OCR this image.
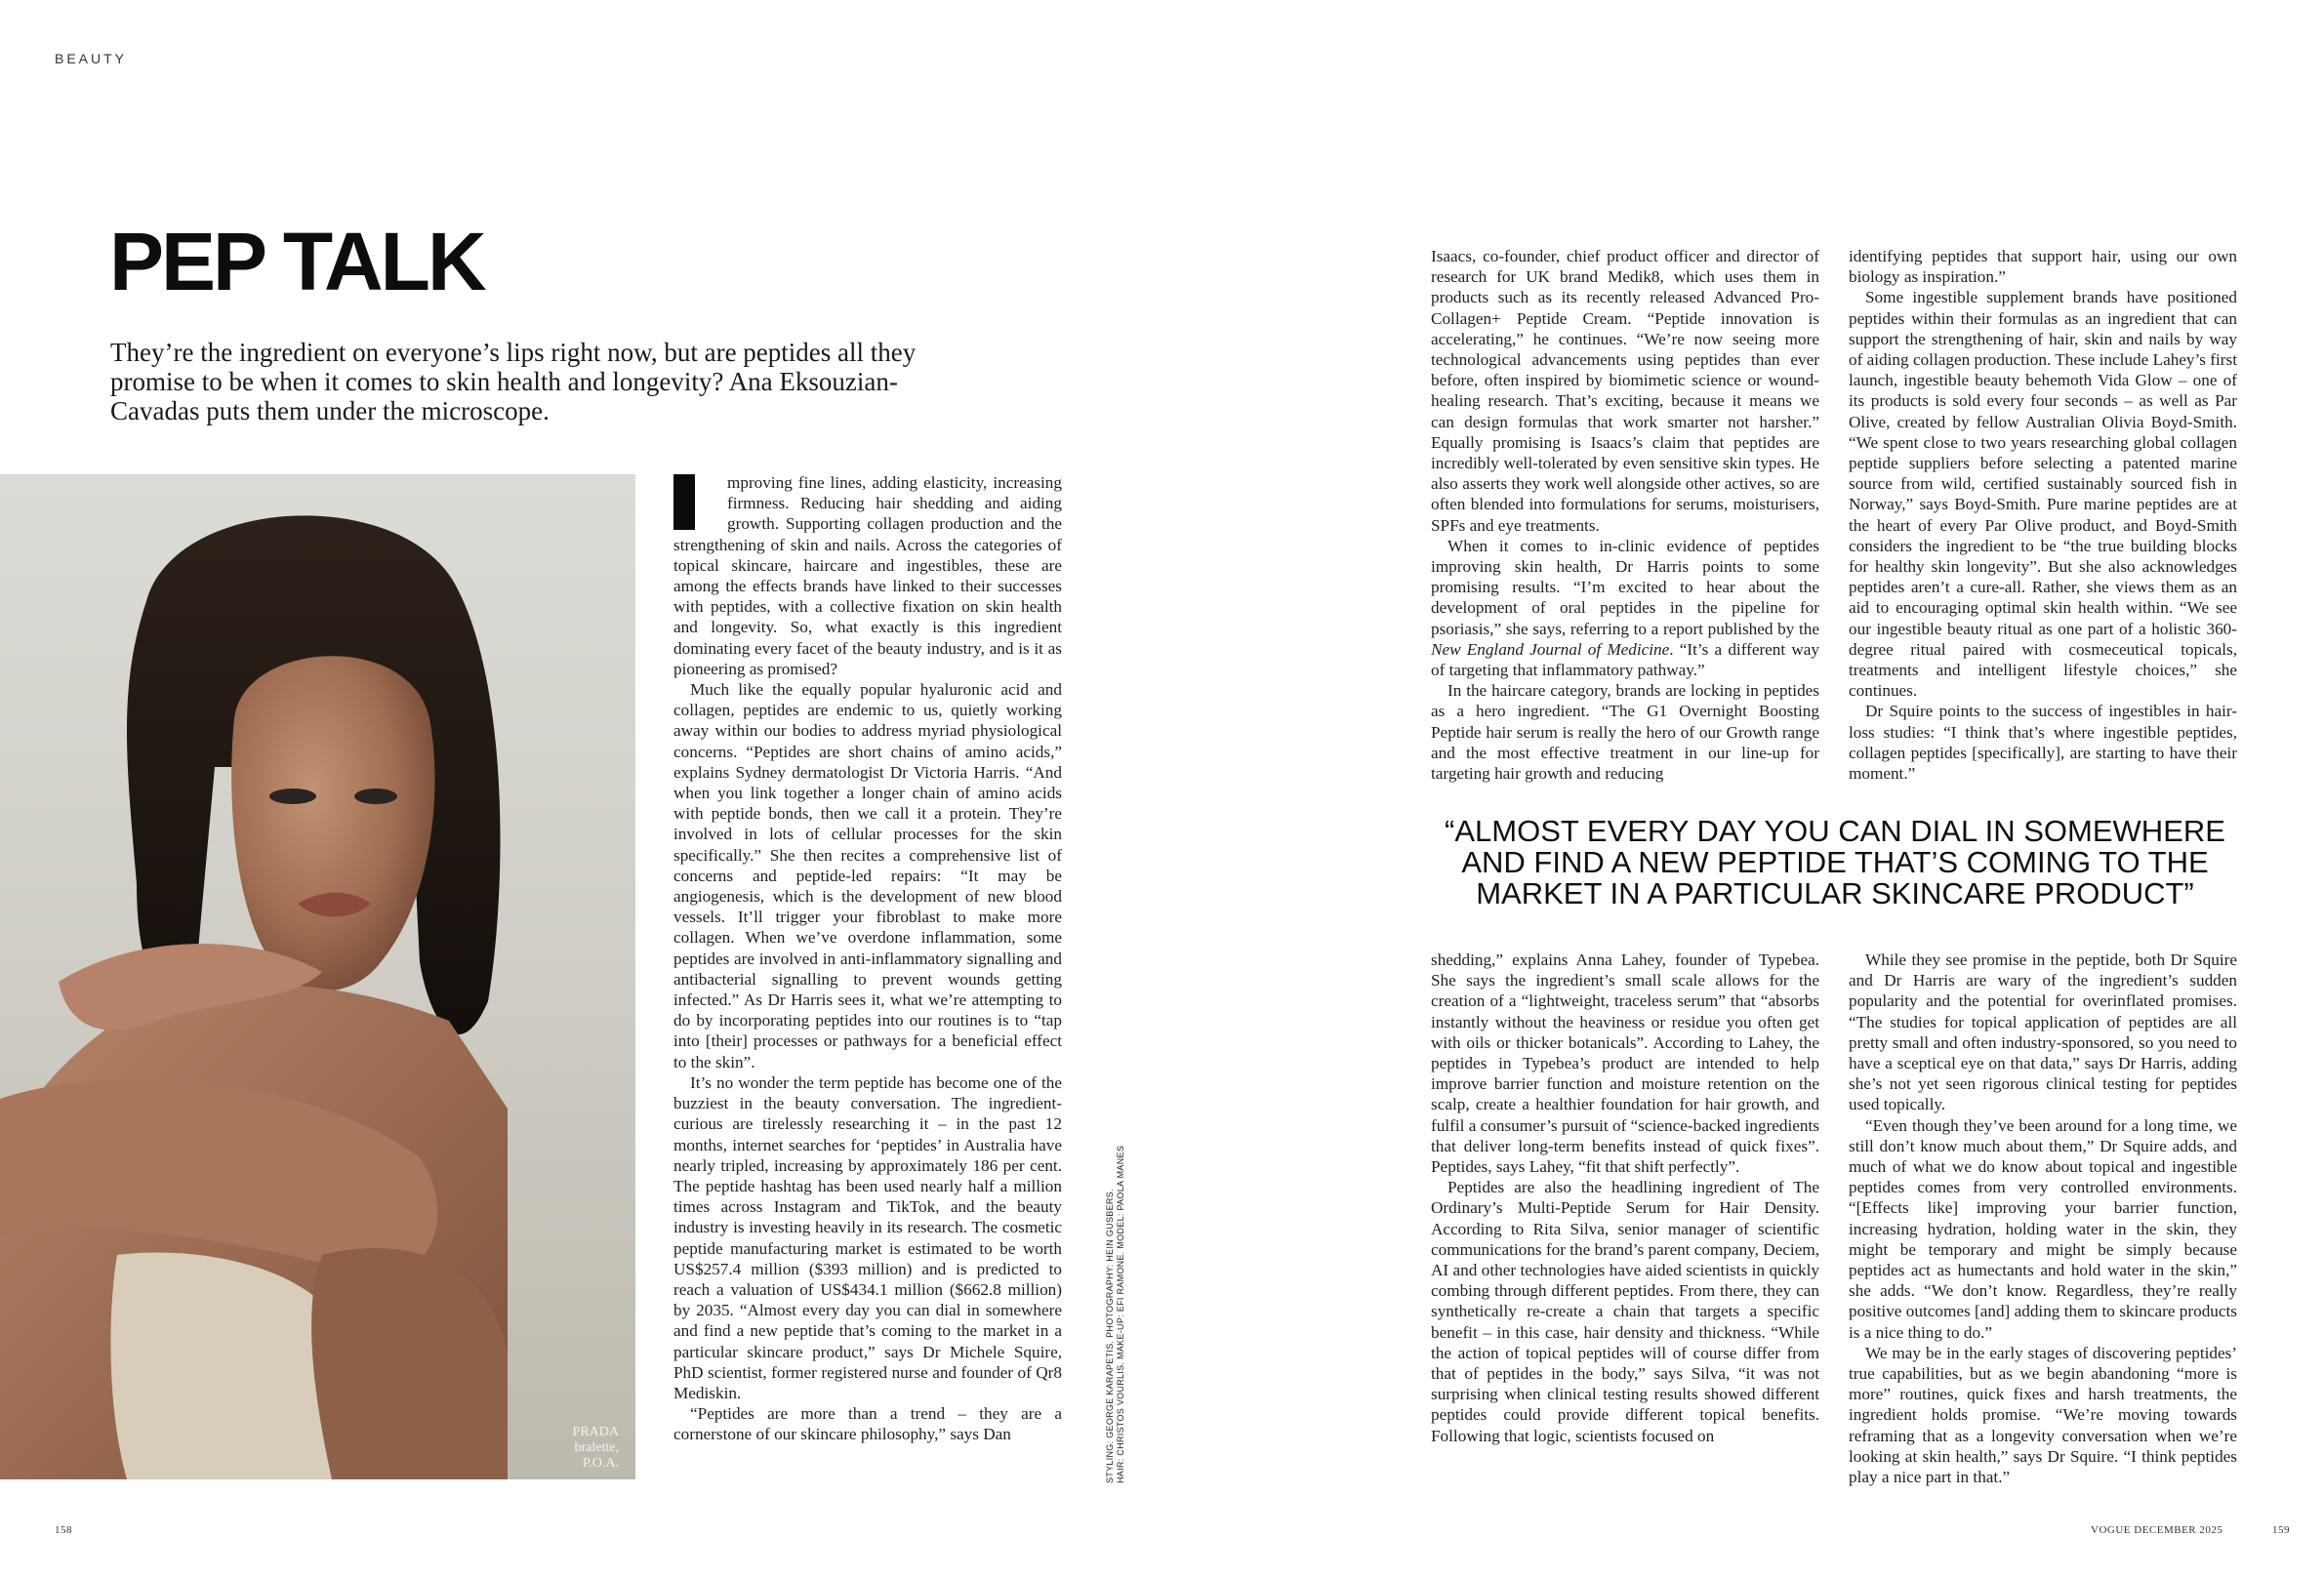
BEAUTY
PEP TALK
They’re the ingredient on everyone’s lips right now, but are peptides all they promise to be when it comes to skin health and longevity? Ana Eksouzian-Cavadas puts them under the microscope.
PRADA
bralette,
P.O.A.

mproving fine lines, adding elasticity, increasing firmness. Reducing hair shedding and aiding growth. Supporting collagen production and the strengthening of skin and nails. Across the categories of topical skincare, haircare and ingestibles, these are among the effects brands have linked to their successes with peptides, with a collective fixation on skin health and longevity. So, what exactly is this ingredient dominating every facet of the beauty industry, and is it as pioneering as promised?

Much like the equally popular hyaluronic acid and collagen, peptides are endemic to us, quietly working away within our bodies to address myriad physiological concerns. “Peptides are short chains of amino acids,” explains Sydney dermatologist Dr Victoria Harris. “And when you link together a longer chain of amino acids with peptide bonds, then we call it a protein. They’re involved in lots of cellular processes for the skin specifically.” She then recites a comprehensive list of concerns and peptide-led repairs: “It may be angiogenesis, which is the development of new blood vessels. It’ll trigger your fibroblast to make more collagen. When we’ve overdone inflammation, some peptides are involved in anti-inflammatory signalling and antibacterial signalling to prevent wounds getting infected.” As Dr Harris sees it, what we’re attempting to do by incorporating peptides into our routines is to “tap into [their] processes or pathways for a beneficial effect to the skin”.

It’s no wonder the term peptide has become one of the buzziest in the beauty conversation. The ingredient-curious are tirelessly researching it – in the past 12 months, internet searches for ‘peptides’ in Australia have nearly tripled, increasing by approximately 186 per cent. The peptide hashtag has been used nearly half a million times across Instagram and TikTok, and the beauty industry is investing heavily in its research. The cosmetic peptide manufacturing market is estimated to be worth US$257.4 million ($393 million) and is predicted to reach a valuation of US$434.1 million ($662.8 million) by 2035. “Almost every day you can dial in somewhere and find a new peptide that’s coming to the market in a particular skincare product,” says Dr Michele Squire, PhD scientist, former registered nurse and founder of Qr8 Mediskin.

“Peptides are more than a trend – they are a cornerstone of our skincare philosophy,” says Dan	STYLING: GEORGE KARAPETIS. PHOTOGRAPHY: HEIN GUSBERS. HAIR: CHRISTOS VOURLIS. MAKE-UP: EFI RAMONE. MODEL: PAOLA MANES

Isaacs, co-founder, chief product officer and director of research for UK brand Medik8, which uses them in products such as its recently released Advanced Pro-Collagen+ Peptide Cream. “Peptide innovation is accelerating,” he continues. “We’re now seeing more technological advancements using peptides than ever before, often inspired by biomimetic science or wound-healing research. That’s exciting, because it means we can design formulas that work smarter not harsher.” Equally promising is Isaacs’s claim that peptides are incredibly well-tolerated by even sensitive skin types. He also asserts they work well alongside other actives, so are often blended into formulations for serums, moisturisers, SPFs and eye treatments.

When it comes to in-clinic evidence of peptides improving skin health, Dr Harris points to some promising results. “I’m excited to hear about the development of oral peptides in the pipeline for psoriasis,” she says, referring to a report published by the New England Journal of Medicine. “It’s a different way of targeting that inflammatory pathway.”

In the haircare category, brands are locking in peptides as a hero ingredient. “The G1 Overnight Boosting Peptide hair serum is really the hero of our Growth range and the most effective treatment in our line-up for targeting hair growth and reducing

identifying peptides that support hair, using our own biology as inspiration.”

Some ingestible supplement brands have positioned peptides within their formulas as an ingredient that can support the strengthening of hair, skin and nails by way of aiding collagen production. These include Lahey’s first launch, ingestible beauty behemoth Vida Glow – one of its products is sold every four seconds – as well as Par Olive, created by fellow Australian Olivia Boyd-Smith. “We spent close to two years researching global collagen peptide suppliers before selecting a patented marine source from wild, certified sustainably sourced fish in Norway,” says Boyd-Smith. Pure marine peptides are at the heart of every Par Olive product, and Boyd-Smith considers the ingredient to be “the true building blocks for healthy skin longevity”. But she also acknowledges peptides aren’t a cure-all. Rather, she views them as an aid to encouraging optimal skin health within. “We see our ingestible beauty ritual as one part of a holistic 360-degree ritual paired with cosmeceutical topicals, treatments and intelligent lifestyle choices,” she continues.

Dr Squire points to the success of ingestibles in hair-loss studies: “I think that’s where ingestible peptides, collagen peptides [specifically], are starting to have their moment.”

“ALMOST EVERY DAY YOU CAN DIAL IN SOMEWHERE AND FIND A NEW PEPTIDE THAT’S COMING TO THE MARKET IN A PARTICULAR SKINCARE PRODUCT”

shedding,” explains Anna Lahey, founder of Typebea. She says the ingredient’s small scale allows for the creation of a “lightweight, traceless serum” that “absorbs instantly without the heaviness or residue you often get with oils or thicker botanicals”. According to Lahey, the peptides in Typebea’s product are intended to help improve barrier function and moisture retention on the scalp, create a healthier foundation for hair growth, and fulfil a consumer’s pursuit of “science-backed ingredients that deliver long-term benefits instead of quick fixes”. Peptides, says Lahey, “fit that shift perfectly”.

Peptides are also the headlining ingredient of The Ordinary’s Multi-Peptide Serum for Hair Density. According to Rita Silva, senior manager of scientific communications for the brand’s parent company, Deciem, AI and other technologies have aided scientists in quickly combing through different peptides. From there, they can synthetically re-create a chain that targets a specific benefit – in this case, hair density and thickness. “While the action of topical peptides will of course differ from that of peptides in the body,” says Silva, “it was not surprising when clinical testing results showed different peptides could provide different topical benefits. Following that logic, scientists focused on

While they see promise in the peptide, both Dr Squire and Dr Harris are wary of the ingredient’s sudden popularity and the potential for overinflated promises. “The studies for topical application of peptides are all pretty small and often industry-sponsored, so you need to have a sceptical eye on that data,” says Dr Harris, adding she’s not yet seen rigorous clinical testing for peptides used topically.

“Even though they’ve been around for a long time, we still don’t know much about them,” Dr Squire adds, and much of what we do know about topical and ingestible peptides comes from very controlled environments. “[Effects like] improving your barrier function, increasing hydration, holding water in the skin, they might be temporary and might be simply because peptides act as humectants and hold water in the skin,” she adds. “We don’t know. Regardless, they’re really positive outcomes [and] adding them to skincare products is a nice thing to do.”

We may be in the early stages of discovering peptides’ true capabilities, but as we begin abandoning “more is more” routines, quick fixes and harsh treatments, the ingredient holds promise. “We’re moving towards reframing that as a longevity conversation when we’re looking at skin health,” says Dr Squire. “I think peptides play a nice part in that.”

158	VOGUE DECEMBER 2025	159
